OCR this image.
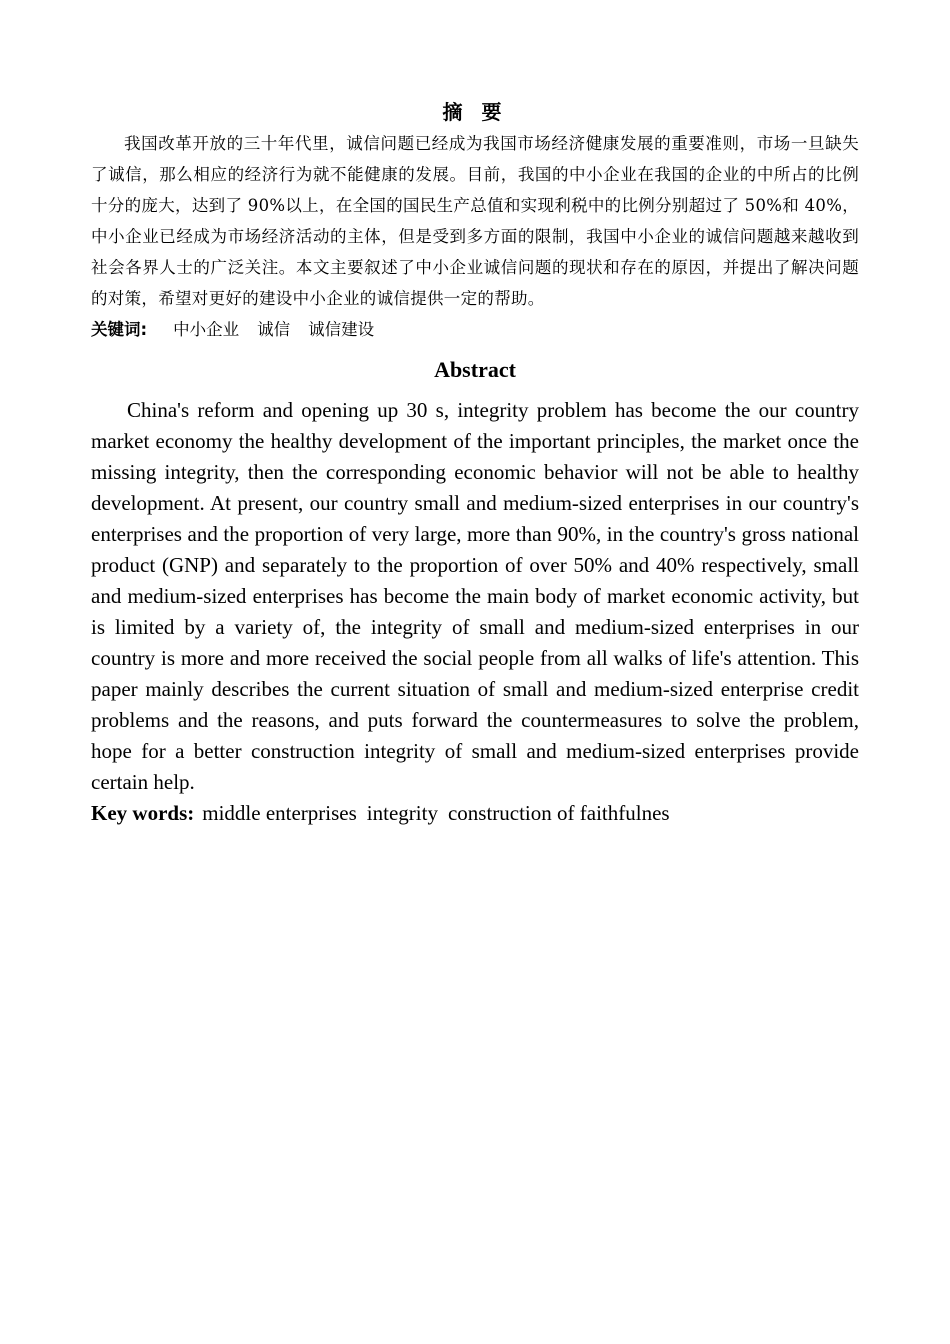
摘 要

我国改革开放的三十年代里，诚信问题已经成为我国市场经济健康发展的重要准则，市场一旦缺失了诚信，那么相应的经济行为就不能健康的发展。目前，我国的中小企业在我国的企业的中所占的比例十分的庞大，达到了 90%以上，在全国的国民生产总值和实现利税中的比例分别超过了 50%和 40%，中小企业已经成为市场经济活动的主体，但是受到多方面的限制，我国中小企业的诚信问题越来越收到社会各界人士的广泛关注。本文主要叙述了中小企业诚信问题的现状和存在的原因，并提出了解决问题的对策，希望对更好的建设中小企业的诚信提供一定的帮助。

关键词: 中小企业 诚信 诚信建设

Abstract

China's reform and opening up 30 s, integrity problem has become the our country market economy the healthy development of the important principles, the market once the missing integrity, then the corresponding economic behavior will not be able to healthy development. At present, our country small and medium-sized enterprises in our country's enterprises and the proportion of very large, more than 90%, in the country's gross national product (GNP) and separately to the proportion of over 50% and 40% respectively, small and medium-sized enterprises has become the main body of market economic activity, but is limited by a variety of, the integrity of small and medium-sized enterprises in our country is more and more received the social people from all walks of life's attention. This paper mainly describes the current situation of small and medium-sized enterprise credit problems and the reasons, and puts forward the countermeasures to solve the problem, hope for a better construction integrity of small and medium-sized enterprises provide certain help.

Key words: middle enterprises integrity construction of faithfulnes
